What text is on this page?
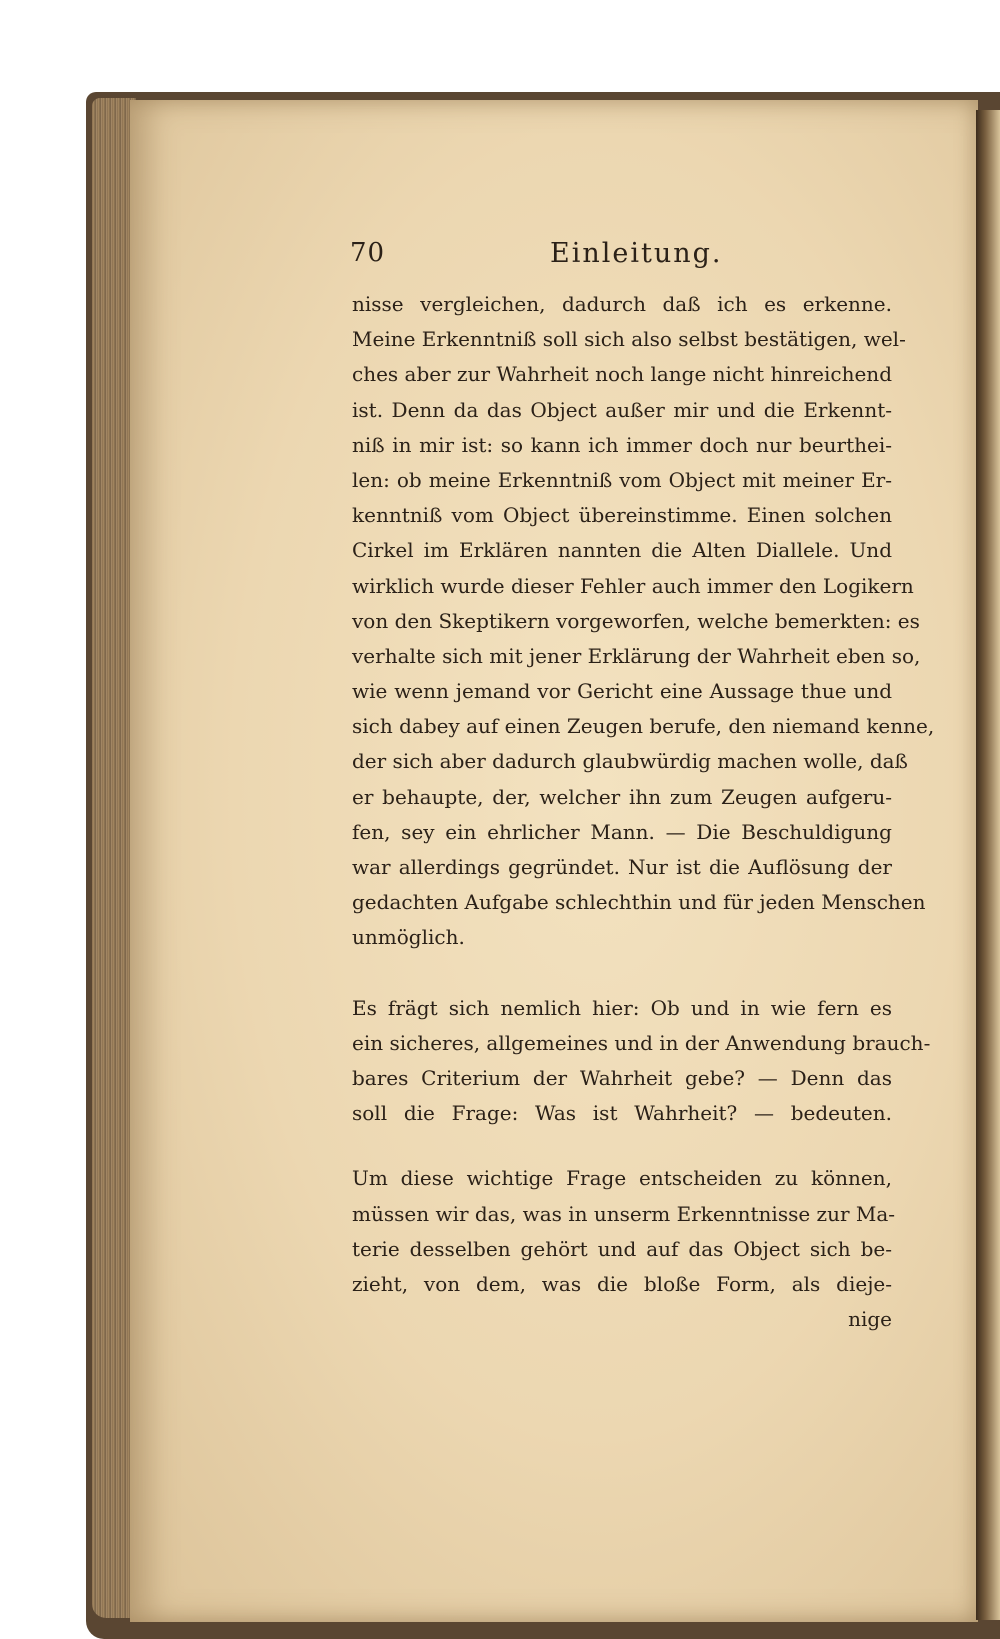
70	Einleitung.
nisse vergleichen, dadurch daß ich es erkenne.
Meine Erkenntniß soll sich also selbst bestätigen, wel-
ches aber zur Wahrheit noch lange nicht hinreichend
ist. Denn da das Object außer mir und die Erkennt-
niß in mir ist: so kann ich immer doch nur beurthei-
len: ob meine Erkenntniß vom Object mit meiner Er-
kenntniß vom Object übereinstimme. Einen solchen
Cirkel im Erklären nannten die Alten Diallele. Und
wirklich wurde dieser Fehler auch immer den Logikern
von den Skeptikern vorgeworfen, welche bemerkten: es
verhalte sich mit jener Erklärung der Wahrheit eben so,
wie wenn jemand vor Gericht eine Aussage thue und
sich dabey auf einen Zeugen berufe, den niemand kenne,
der sich aber dadurch glaubwürdig machen wolle, daß
er behaupte, der, welcher ihn zum Zeugen aufgeru-
fen, sey ein ehrlicher Mann. — Die Beschuldigung
war allerdings gegründet. Nur ist die Auflösung der
gedachten Aufgabe schlechthin und für jeden Menschen
unmöglich.
Es frägt sich nemlich hier: Ob und in wie fern es
ein sicheres, allgemeines und in der Anwendung brauch-
bares Criterium der Wahrheit gebe? — Denn das
soll die Frage: Was ist Wahrheit? — bedeuten.
Um diese wichtige Frage entscheiden zu können,
müssen wir das, was in unserm Erkenntnisse zur Ma-
terie desselben gehört und auf das Object sich be-
zieht, von dem, was die bloße Form, als dieje-
nige
